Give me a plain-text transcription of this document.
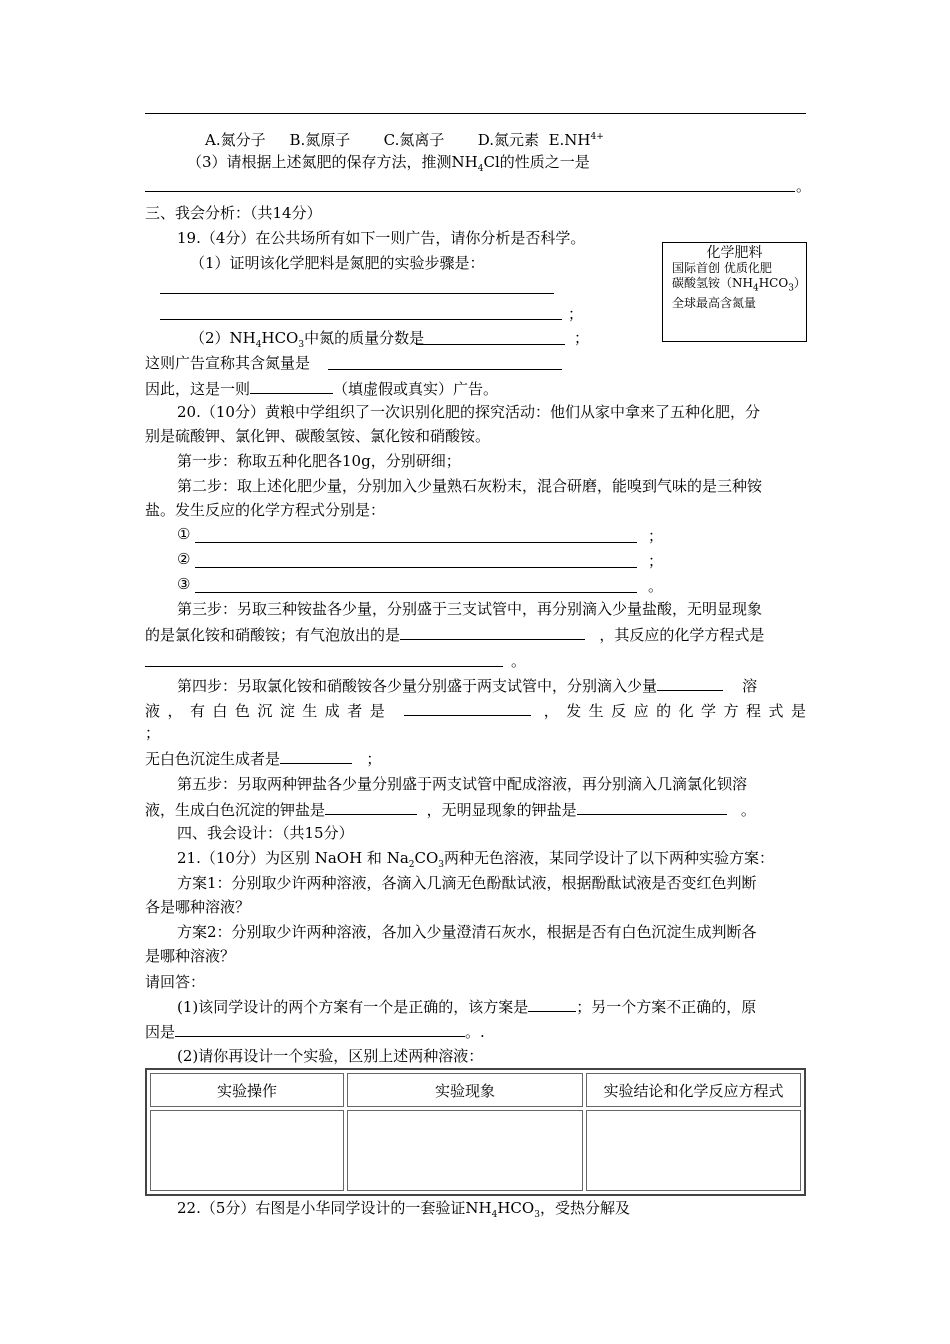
A.氮分子 B.氮原子 C.氮离子 D.氮元素 $E.NH^{4+}$
（3）请根据上述氮肥的保存方法，推测$NH_4Cl$的性质之一是
。
三、我会分析：（共14分）
19.（4分）在公共场所有如下一则广告，请你分析是否科学。
化学肥料
国际首创 优质化肥
碳酸氢铵$(NH_4HCO_3)$
全球最高含氮量
（1）证明该化学肥料是氮肥的实验步骤是：
；
$(2)NH_4HCO_3$中氮的质量分数是	；
这则广告宣称其含氮量是
因此，这是一则	（填虚假或真实）广告。
20.（10分）黄粮中学组织了一次识别化肥的探究活动：他们从家中拿来了五种化肥，分
别是硫酸钾、氯化钾、碳酸氢铵、氯化铵和硝酸铵。
第一步：称取五种化肥各10g，分别研细；
第二步：取上述化肥少量，分别加入少量熟石灰粉末，混合研磨，能嗅到气味的是三种铵
盐。发生反应的化学方程式分别是：
①	；
②	；
③	。
第三步：另取三种铵盐各少量，分别盛于三支试管中，再分别滴入少量盐酸，无明显现象
的是氯化铵和硝酸铵；有气泡放出的是	，其反应的化学方程式是
。
第四步：另取氯化铵和硝酸铵各少量分别盛于两支试管中，分别滴入少量	溶
液，有白色沉淀生成者是	，发生反应的化学方程式是
；
无白色沉淀生成者是	；
第五步：另取两种钾盐各少量分别盛于两支试管中配成溶液，再分别滴入几滴氯化钡溶
液，生成白色沉淀的钾盐是	，无明显现象的钾盐是	。
四、我会设计：（共15分）
21.（10分）为区别 NaOH 和 $Na_2CO_3$两种无色溶液，某同学设计了以下两种实验方案：
方案1：分别取少许两种溶液，各滴入几滴无色酚酞试液，根据酚酞试液是否变红色判断
各是哪种溶液？
方案2：分别取少许两种溶液，各加入少量澄清石灰水，根据是否有白色沉淀生成判断各
是哪种溶液？
请回答：
(1)该同学设计的两个方案有一个是正确的，该方案是	；另一个方案不正确的，原
因是	。.
(2)请你再设计一个实验，区别上述两种溶液：
实验操作	实验现象	实验结论和化学反应方程式

22.（5分）右图是小华同学设计的一套验证$NH_4HCO_3$，受热分解及
